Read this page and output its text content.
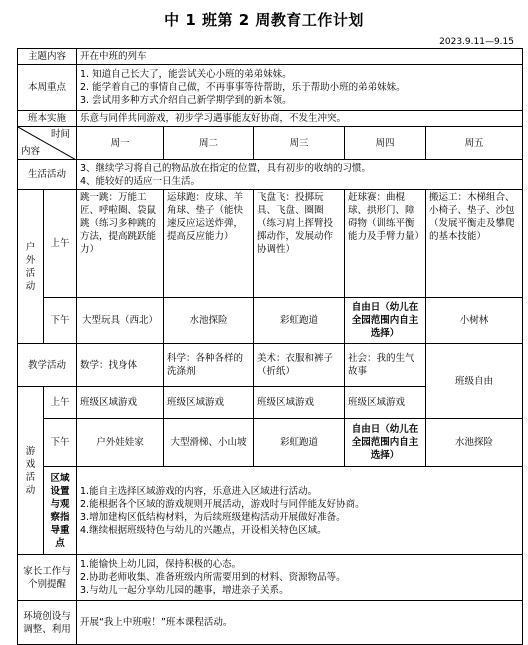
中 1 班第 2 周教育工作计划
2023.9.11—9.15
主题内容		开在中班的列车				
本周重点		1. 知道自己长大了，能尝试关心小班的弟弟妹妹。

2. 能学着自己的事情自己做，不再事事等待帮助，乐于帮助小班的弟弟妹妹。

3. 尝试用多种方式介绍自己新学期学到的新本领。				

班本实施		乐意与同伴共同游戏，初步学习遇事能友好协商，不发生冲突。				

时间
内容		周一	周二	周三	周四	周五
生活活动		3、继续学习将自己的物品放在指定的位置，具有初步的收纳的习惯。

4、能较好的适应一日生活。				

户外活动	上午	跳一跳：万能工匠、呼啦圈、袋鼠跳（练习多种跳的方法，提高跳跃能力）	运球跑：皮球、羊角球、垫子（能快速反应运送炸弹，提高反应能力）	飞盘飞：投掷玩具、飞盘、圈圈（练习肩上挥臂投掷动作，发展动作协调性）	赶球赛：曲棍球、拱形门、障碍物（训练平衡能力及手臂力量）	搬运工：木梯组合、小椅子、垫子、沙包（发展平衡走及攀爬的基本技能）
	下午	大型玩具（西北）	水池探险	彩虹跑道	自由日（幼儿在全园范围内自主选择）	小树林
教学活动		数学：找身体	科学：各种各样的洗涤剂	美术：衣服和裤子（折纸）	社会：我的生气故事	班级自由
游戏活动	上午	班级区域游戏	班级区域游戏	班级区域游戏	班级区域游戏	
	下午	户外娃娃家	大型滑梯、小山坡	彩虹跑道	自由日（幼儿在全园范围内自主选择）	水池探险
	区域设置与观察指导重点	1.能自主选择区域游戏的内容，乐意进入区域进行活动。

2.能根据各个区域的游戏规则开展活动，游戏时与同伴能友好协商。

3.增加建构区低结构材料，为后续班级建构活动开展做好准备。

4.继续根据班级特色与幼儿的兴趣点，开设相关特色区域。				

家长工作与个别提醒		1.能愉快上幼儿园，保持积极的心态。

2.协助老师收集、准备班级内所需要用到的材料、资源物品等。

3.与幼儿一起分享幼儿园的趣事，增进亲子关系。				

环境创设与调整、利用		开展“我上中班啦！”班本课程活动。				
